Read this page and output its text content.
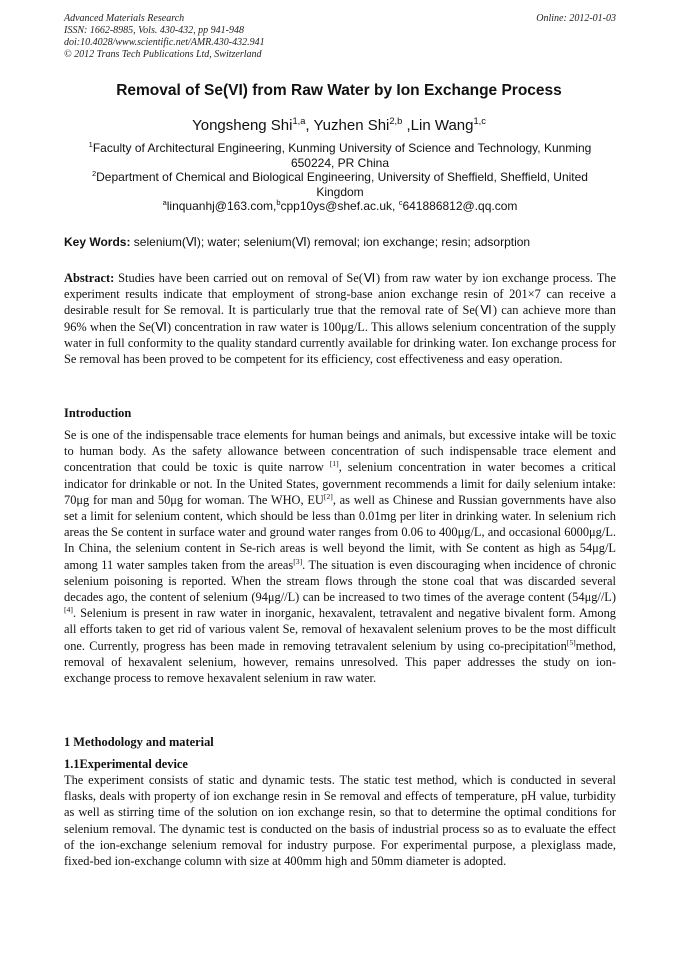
Advanced Materials Research
ISSN: 1662-8985, Vols. 430-432, pp 941-948
doi:10.4028/www.scientific.net/AMR.430-432.941
© 2012 Trans Tech Publications Ltd, Switzerland
Online: 2012-01-03
Removal of Se(VI) from Raw Water by Ion Exchange Process
Yongsheng Shi$^{1,a}$, Yuzhen Shi$^{2,b}$ ,Lin Wang$^{1,c}$
$^1$Faculty of Architectural Engineering, Kunming University of Science and Technology, Kunming
650224, PR China
$^2$Department of Chemical and Biological Engineering, University of Sheffield, Sheffield, United
Kingdom
$^a$linquanhj@163.com,$^b$cpp10ys@shef.ac.uk, $^c$641886812@.qq.com
Key Words: selenium(Ⅵ); water; selenium(Ⅵ) removal; ion exchange; resin; adsorption
Abstract: Studies have been carried out on removal of Se(Ⅵ) from raw water by ion exchange process. The experiment results indicate that employment of strong-base anion exchange resin of 201×7 can receive a desirable result for Se removal. It is particularly true that the removal rate of Se(Ⅵ) can achieve more than 96% when the Se(Ⅵ) concentration in raw water is 100μg/L. This allows selenium concentration of the supply water in full conformity to the quality standard currently available for drinking water. Ion exchange process for Se removal has been proved to be competent for its efficiency, cost effectiveness and easy operation.
Introduction
Se is one of the indispensable trace elements for human beings and animals, but excessive intake will be toxic to human body. As the safety allowance between concentration of such indispensable trace element and concentration that could be toxic is quite narrow [1], selenium concentration in water becomes a critical indicator for drinkable or not. In the United States, government recommends a limit for daily selenium intake: 70μg for man and 50μg for woman. The WHO, EU[2], as well as Chinese and Russian governments have also set a limit for selenium content, which should be less than 0.01mg per liter in drinking water. In selenium rich areas the Se content in surface water and ground water ranges from 0.06 to 400μg/L, and occasional 6000μg/L. In China, the selenium content in Se-rich areas is well beyond the limit, with Se content as high as 54μg/L among 11 water samples taken from the areas[3]. The situation is even discouraging when incidence of chronic selenium poisoning is reported. When the stream flows through the stone coal that was discarded several decades ago, the content of selenium (94μg//L) can be increased to two times of the average content (54μg//L) [4]. Selenium is present in raw water in inorganic, hexavalent, tetravalent and negative bivalent form. Among all efforts taken to get rid of various valent Se, removal of hexavalent selenium proves to be the most difficult one. Currently, progress has been made in removing tetravalent selenium by using co-precipitation[5]method, removal of hexavalent selenium, however, remains unresolved. This paper addresses the study on ion-exchange process to remove hexavalent selenium in raw water.
1 Methodology and material
1.1Experimental device
The experiment consists of static and dynamic tests. The static test method, which is conducted in several flasks, deals with property of ion exchange resin in Se removal and effects of temperature, pH value, turbidity as well as stirring time of the solution on ion exchange resin, so that to determine the optimal conditions for selenium removal. The dynamic test is conducted on the basis of industrial process so as to evaluate the effect of the ion-exchange selenium removal for industry purpose. For experimental purpose, a plexiglass made, fixed-bed ion-exchange column with size at 400mm high and 50mm diameter is adopted.
